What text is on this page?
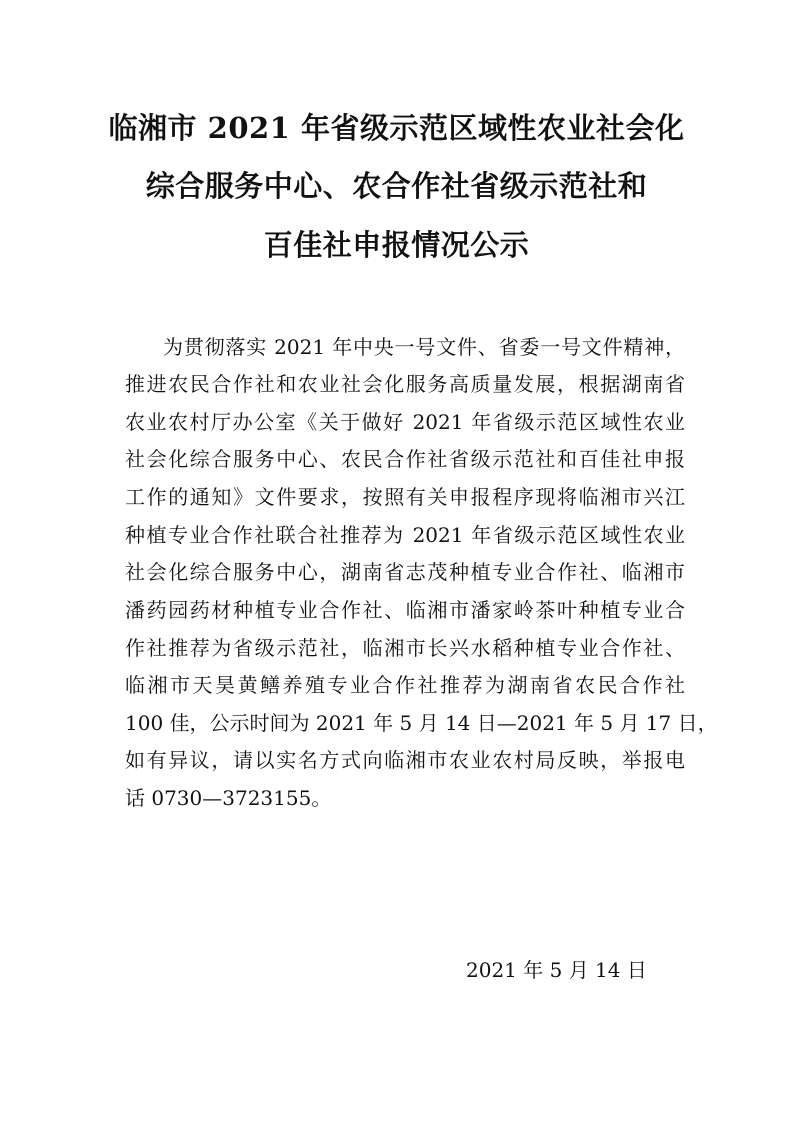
临湘市 2021 年省级示范区域性农业社会化
综合服务中心、农合作社省级示范社和
百佳社申报情况公示
为贯彻落实 2021 年中央一号文件、省委一号文件精神，
推进农民合作社和农业社会化服务高质量发展，根据湖南省
农业农村厅办公室《关于做好 2021 年省级示范区域性农业
社会化综合服务中心、农民合作社省级示范社和百佳社申报
工作的通知》文件要求，按照有关申报程序现将临湘市兴江
种植专业合作社联合社推荐为 2021 年省级示范区域性农业
社会化综合服务中心，湖南省志茂种植专业合作社、临湘市
潘药园药材种植专业合作社、临湘市潘家岭茶叶种植专业合
作社推荐为省级示范社，临湘市长兴水稻种植专业合作社、
临湘市天昊黄鳝养殖专业合作社推荐为湖南省农民合作社
100 佳，公示时间为 2021 年 5 月 14 日—2021 年 5 月 17 日，
如有异议，请以实名方式向临湘市农业农村局反映，举报电
话 0730—3723155。
2021 年 5 月 14 日
